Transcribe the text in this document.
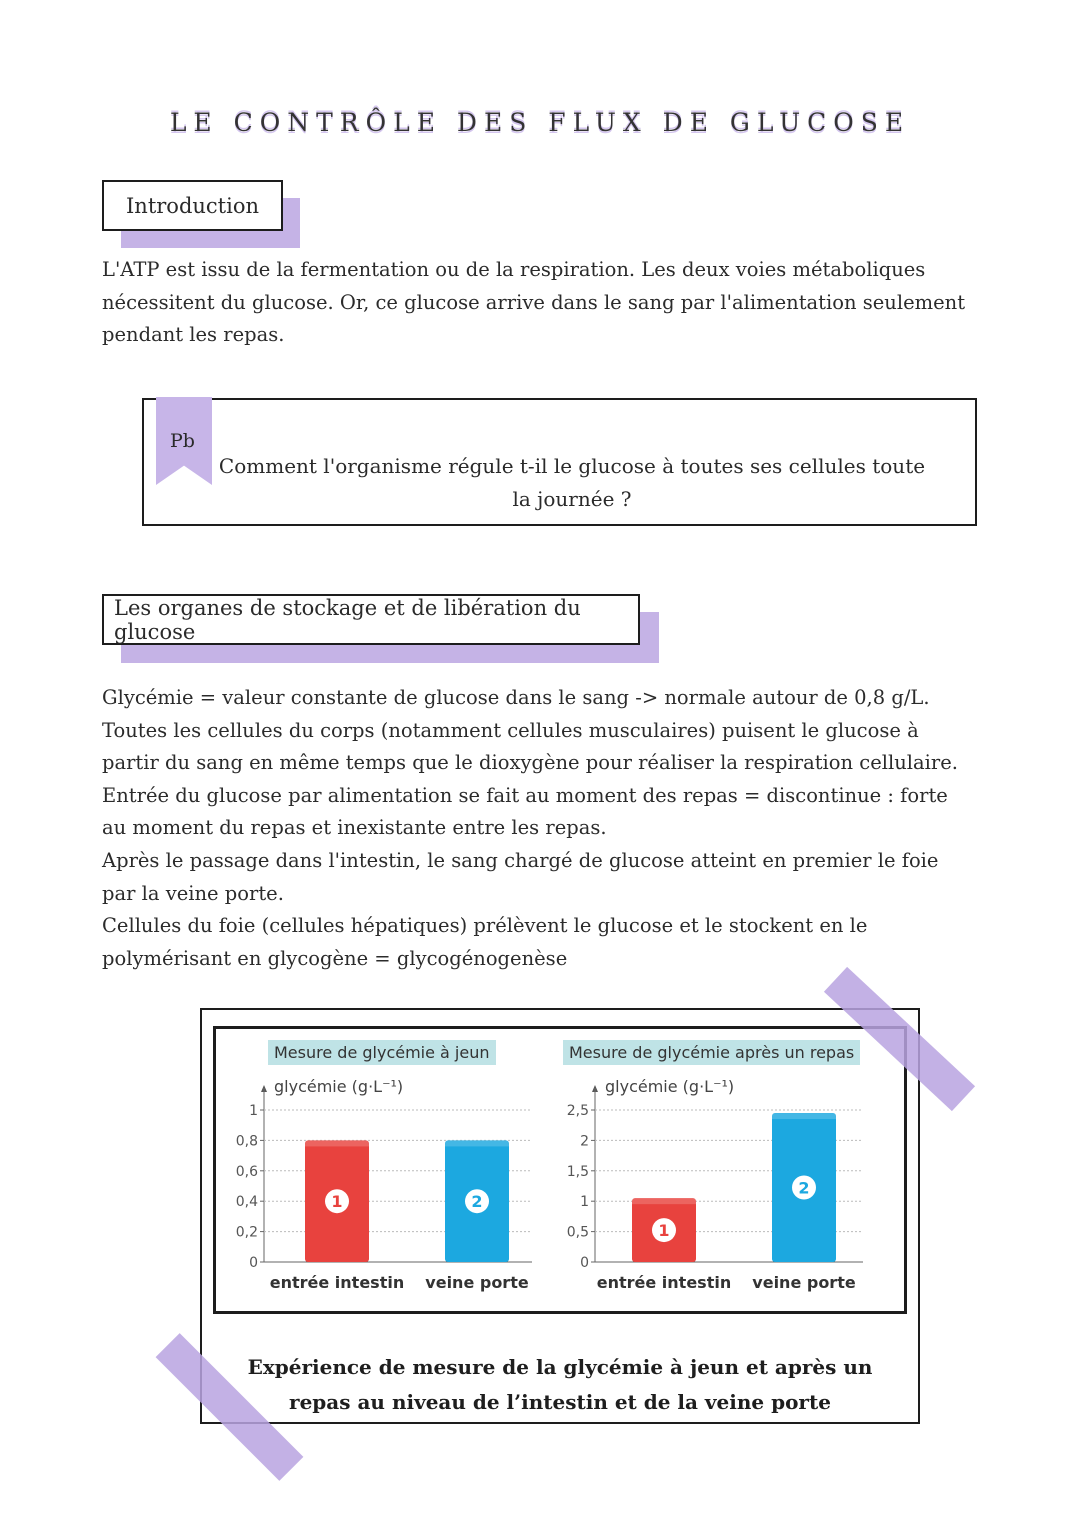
LE CONTRÔLE DES FLUX DE GLUCOSE
Introduction

L'ATP est issu de la fermentation ou de la respiration. Les deux voies métaboliques nécessitent du glucose. Or, ce glucose arrive dans le sang par l'alimentation seulement pendant les repas.

Pb
Comment l'organisme régule t-il le glucose à toutes ses cellules toute la journée ?
Les organes de stockage et de libération du glucose

Glycémie = valeur constante de glucose dans le sang -> normale autour de 0,8 g/L.

Toutes les cellules du corps (notamment cellules musculaires) puisent le glucose à partir du sang en même temps que le dioxygène pour réaliser la respiration cellulaire.

Entrée du glucose par alimentation se fait au moment des repas = discontinue : forte au moment du repas et inexistante entre les repas.

Après le passage dans l'intestin, le sang chargé de glucose atteint en premier le foie par la veine porte.

Cellules du foie (cellules hépatiques) prélèvent le glucose et le stockent en le polymérisant en glycogène = glycogénogenèse

Mesure de glycémie à jeun
glycémie (g·L⁻¹)
0
0,2
0,4
0,6
0,8
1
1
entrée intestin
2
veine porte
Mesure de glycémie après un repas
glycémie (g·L⁻¹)
0
0,5
1
1,5
2
2,5
1
entrée intestin
2
veine porte
Expérience de mesure de la glycémie à jeun et après un repas au niveau de l’intestin et de la veine porte
